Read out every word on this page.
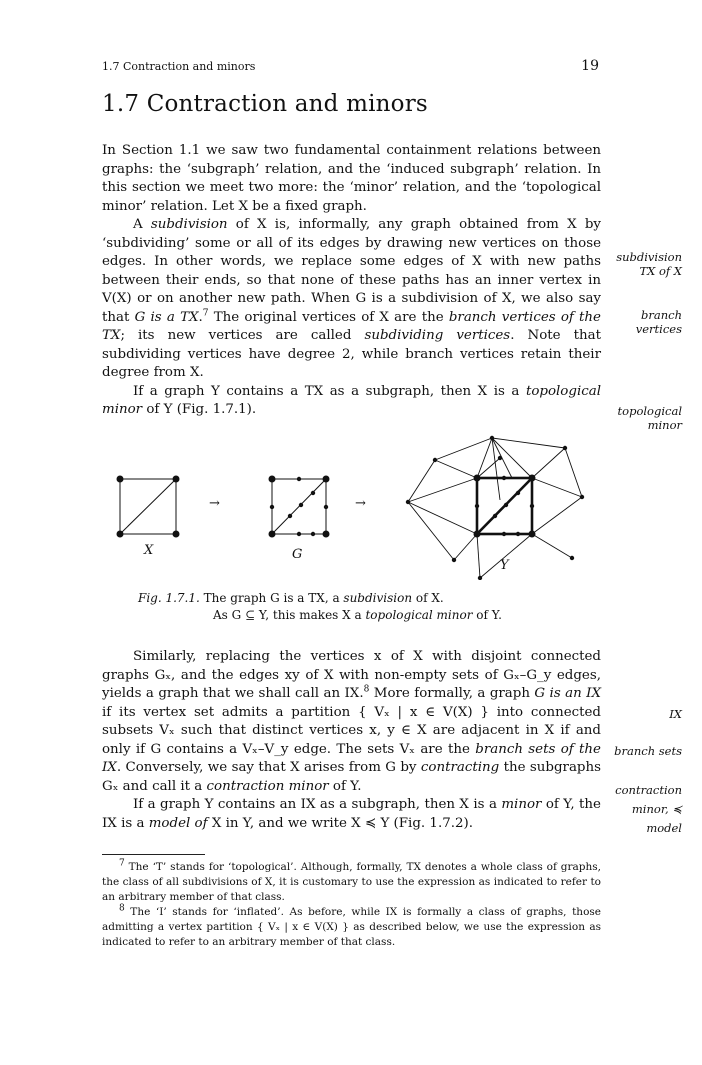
1.7 Contraction and minors	19
1.7 Contraction and minors

In Section 1.1 we saw two fundamental containment relations between graphs: the ‘subgraph’ relation, and the ‘induced subgraph’ relation. In this section we meet two more: the ‘minor’ relation, and the ‘topological minor’ relation. Let X be a fixed graph.

A subdivision of X is, informally, any graph obtained from X by ‘subdividing’ some or all of its edges by drawing new vertices on those edges. In other words, we replace some edges of X with new paths between their ends, so that none of these paths has an inner vertex in V(X) or on another new path. When G is a subdivision of X, we also say that G is a TX.$^7$ The original vertices of X are the branch vertices of the TX; its new vertices are called subdividing vertices. Note that subdividing vertices have degree 2, while branch vertices retain their degree from X.

If a graph Y contains a TX as a subgraph, then X is a topological minor of Y (Fig. 1.7.1).

subdivision TX of X
branch vertices
topological minor
→	→
X	G
Y
Fig. 1.7.1. The graph G is a TX, a subdivision of X.
As G ⊆ Y, this makes X a topological minor of Y.

Similarly, replacing the vertices x of X with disjoint connected graphs Gₓ, and the edges xy of X with non-empty sets of Gₓ–G_y edges, yields a graph that we shall call an IX.$^8$ More formally, a graph G is an IX if its vertex set admits a partition { Vₓ | x ∈ V(X) } into connected subsets Vₓ such that distinct vertices x, y ∈ X are adjacent in X if and only if G contains a Vₓ–V_y edge. The sets Vₓ are the branch sets of the IX. Conversely, we say that X arises from G by contracting the subgraphs Gₓ and call it a contraction minor of Y.

If a graph Y contains an IX as a subgraph, then X is a minor of Y, the IX is a model of X in Y, and we write X ≼ Y (Fig. 1.7.2).

IX
branch sets
contraction
minor, ≼
model

$^7$ The ‘T’ stands for ‘topological’. Although, formally, TX denotes a whole class of graphs, the class of all subdivisions of X, it is customary to use the expression as indicated to refer to an arbitrary member of that class.

$^8$ The ‘I’ stands for ‘inflated’. As before, while IX is formally a class of graphs, those admitting a vertex partition { Vₓ | x ∈ V(X) } as described below, we use the expression as indicated to refer to an arbitrary member of that class.
